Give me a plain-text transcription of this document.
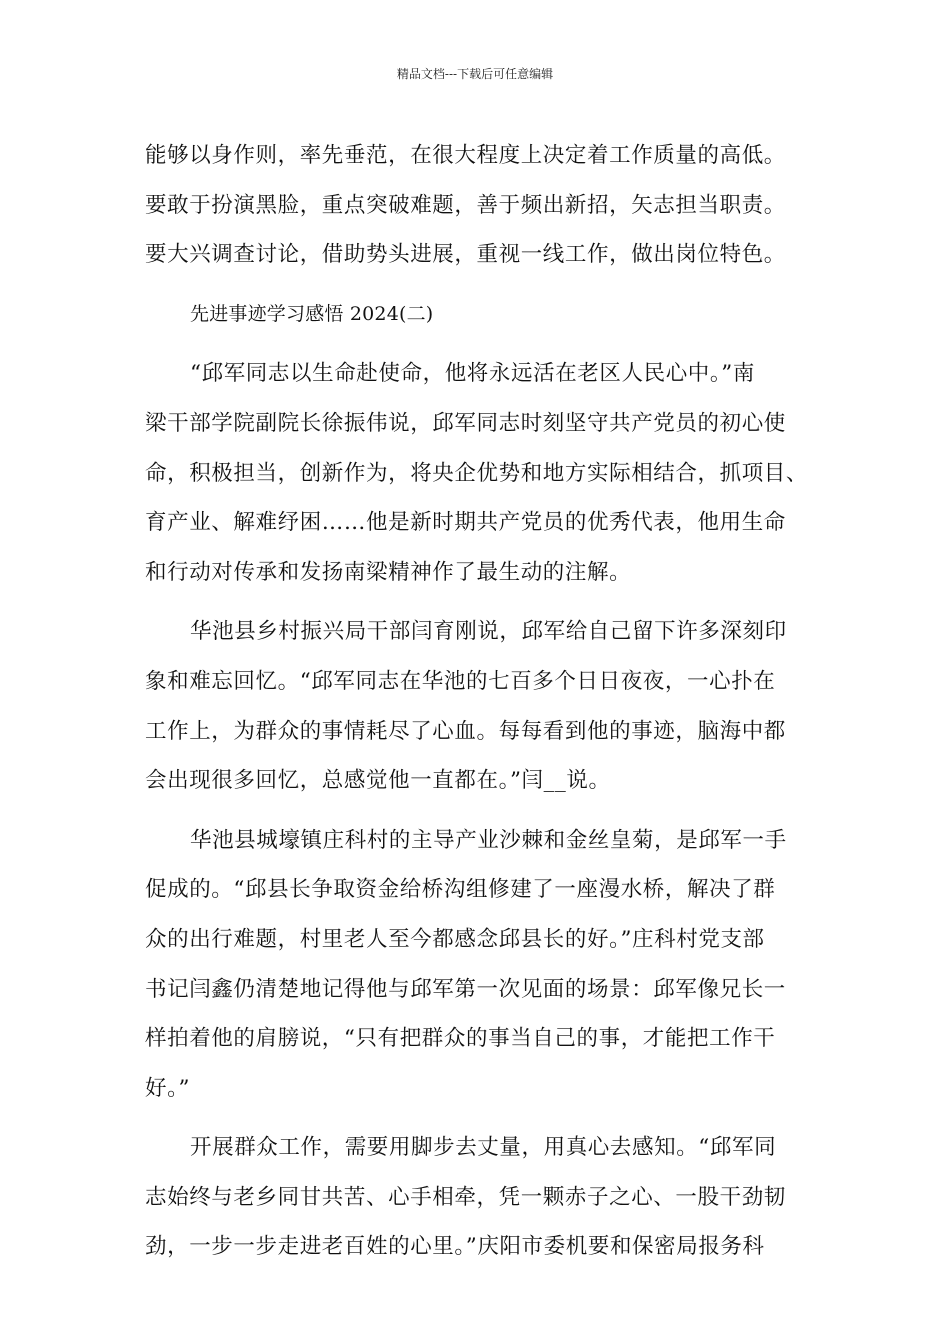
精品文档---下载后可任意编辑
能够以身作则，率先垂范，在很大程度上决定着工作质量的高低。
要敢于扮演黑脸，重点突破难题，善于频出新招，矢志担当职责。
要大兴调查讨论，借助势头进展，重视一线工作，做出岗位特色。
先进事迹学习感悟 2024(二)
“邱军同志以生命赴使命，他将永远活在老区人民心中。”南
梁干部学院副院长徐振伟说，邱军同志时刻坚守共产党员的初心使
命，积极担当，创新作为，将央企优势和地方实际相结合，抓项目、
育产业、解难纾困……他是新时期共产党员的优秀代表，他用生命
和行动对传承和发扬南梁精神作了最生动的注解。
华池县乡村振兴局干部闫育刚说，邱军给自己留下许多深刻印
象和难忘回忆。“邱军同志在华池的七百多个日日夜夜，一心扑在
工作上，为群众的事情耗尽了心血。每每看到他的事迹，脑海中都
会出现很多回忆，总感觉他一直都在。”闫__说。
华池县城壕镇庄科村的主导产业沙棘和金丝皇菊，是邱军一手
促成的。“邱县长争取资金给桥沟组修建了一座漫水桥，解决了群
众的出行难题，村里老人至今都感念邱县长的好。”庄科村党支部
书记闫鑫仍清楚地记得他与邱军第一次见面的场景：邱军像兄长一
样拍着他的肩膀说，“只有把群众的事当自己的事，才能把工作干
好。”
开展群众工作，需要用脚步去丈量，用真心去感知。“邱军同
志始终与老乡同甘共苦、心手相牵，凭一颗赤子之心、一股干劲韧
劲，一步一步走进老百姓的心里。”庆阳市委机要和保密局报务科
